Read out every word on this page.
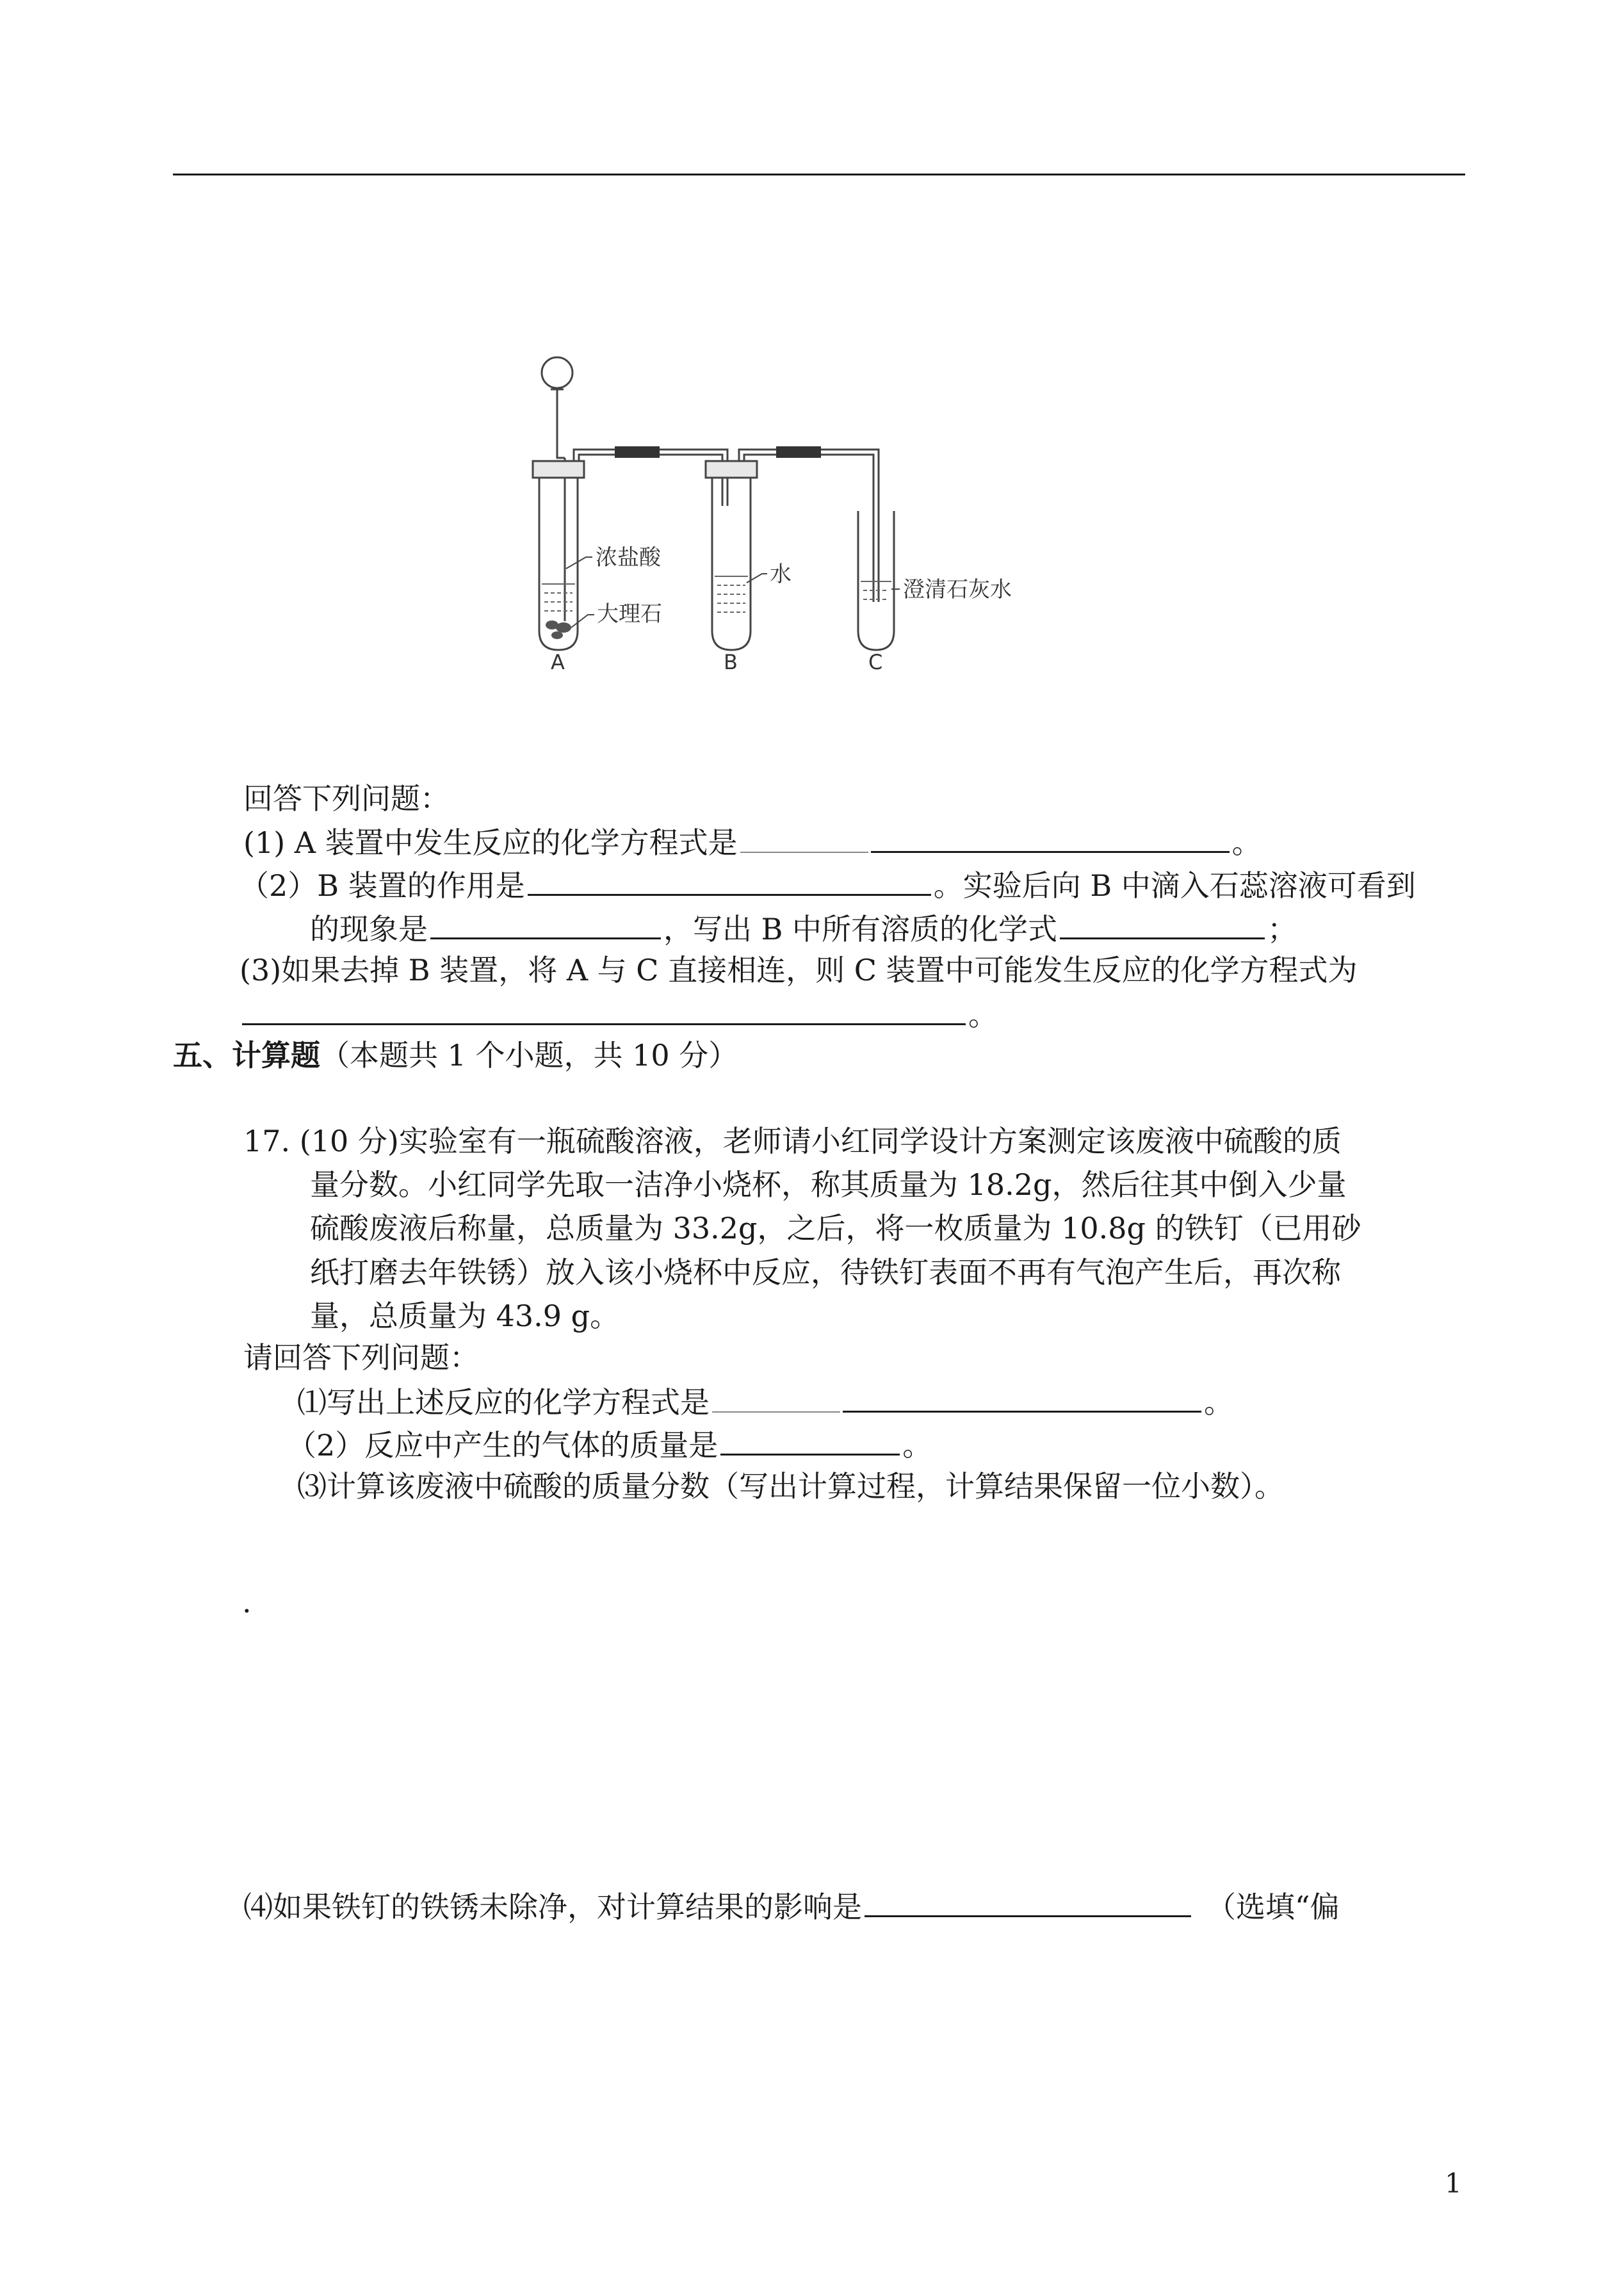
浓盐酸
大理石
水
澄清石灰水
A	B	C
回答下列问题：
(1) A 装置中发生反应的化学方程式是	。
（2）B 装置的作用是	。实验后向 B 中滴入石蕊溶液可看到
的现象是	，写出 B 中所有溶质的化学式	；
(3)如果去掉 B 装置，将 A 与 C 直接相连，则 C 装置中可能发生反应的化学方程式为
。
五、计算题（本题共 1 个小题，共 10 分）
17. (10 分)实验室有一瓶硫酸溶液，老师请小红同学设计方案测定该废液中硫酸的质
量分数。小红同学先取一洁净小烧杯，称其质量为 18.2g，然后往其中倒入少量
硫酸废液后称量，总质量为 33.2g，之后，将一枚质量为 10.8g 的铁钉（已用砂
纸打磨去年铁锈）放入该小烧杯中反应，待铁钉表面不再有气泡产生后，再次称
量，总质量为 43.9 g。
请回答下列问题：
⑴写出上述反应的化学方程式是	。
（2）反应中产生的气体的质量是	。
⑶计算该废液中硫酸的质量分数（写出计算过程，计算结果保留一位小数）。
.
⑷如果铁钉的铁锈未除净，对计算结果的影响是	（选填“偏
1
